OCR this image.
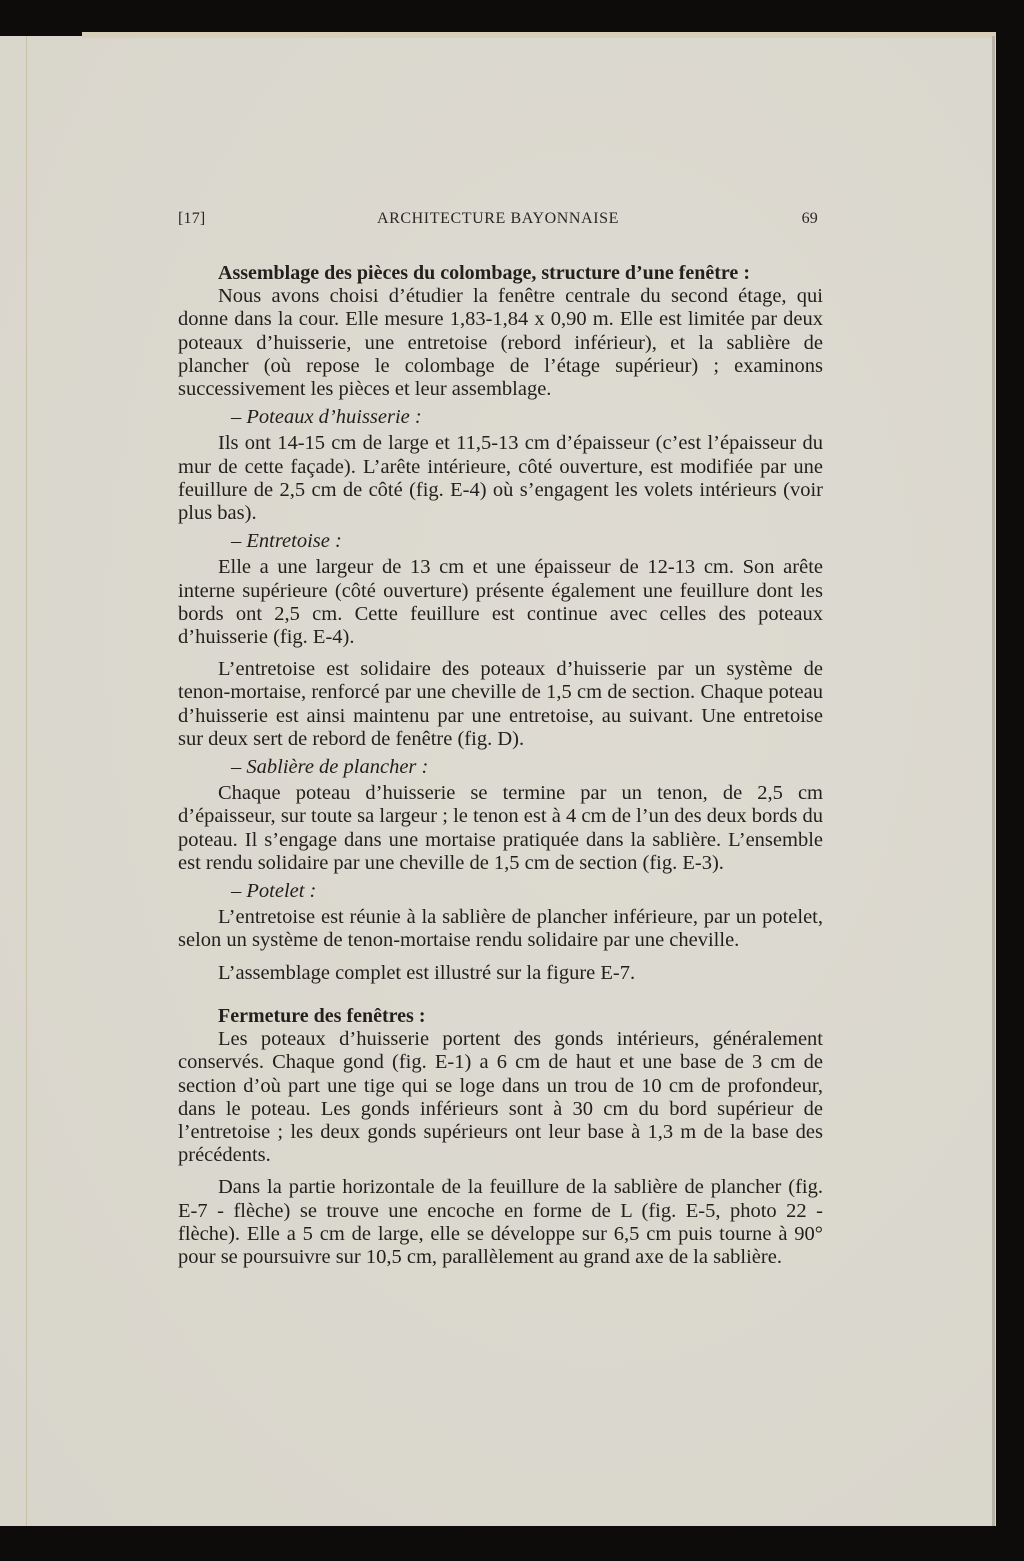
[17]	ARCHITECTURE BAYONNAISE	69

Assemblage des pièces du colombage, structure d’une fenêtre :

Nous avons choisi d’étudier la fenêtre centrale du second étage, qui donne dans la cour. Elle mesure 1,83-1,84 x 0,90 m. Elle est limitée par deux poteaux d’huisserie, une entretoise (rebord inférieur), et la sablière de plancher (où repose le colombage de l’étage supérieur) ; examinons successivement les pièces et leur assemblage.

– Poteaux d’huisserie :

Ils ont 14-15 cm de large et 11,5-13 cm d’épaisseur (c’est l’épaisseur du mur de cette façade). L’arête intérieure, côté ouverture, est modifiée par une feuillure de 2,5 cm de côté (fig. E-4) où s’engagent les volets intérieurs (voir plus bas).

– Entretoise :

Elle a une largeur de 13 cm et une épaisseur de 12-13 cm. Son arête interne supérieure (côté ouverture) présente également une feuillure dont les bords ont 2,5 cm. Cette feuillure est continue avec celles des poteaux d’huisserie (fig. E-4).

L’entretoise est solidaire des poteaux d’huisserie par un système de tenon-mortaise, renforcé par une cheville de 1,5 cm de section. Chaque poteau d’huisserie est ainsi maintenu par une entretoise, au suivant. Une entretoise sur deux sert de rebord de fenêtre (fig. D).

– Sablière de plancher :

Chaque poteau d’huisserie se termine par un tenon, de 2,5 cm d’épaisseur, sur toute sa largeur ; le tenon est à 4 cm de l’un des deux bords du poteau. Il s’engage dans une mortaise pratiquée dans la sablière. L’ensemble est rendu solidaire par une cheville de 1,5 cm de section (fig. E-3).

– Potelet :

L’entretoise est réunie à la sablière de plancher inférieure, par un potelet, selon un système de tenon-mortaise rendu solidaire par une cheville.

L’assemblage complet est illustré sur la figure E-7.

Fermeture des fenêtres :

Les poteaux d’huisserie portent des gonds intérieurs, généralement conservés. Chaque gond (fig. E-1) a 6 cm de haut et une base de 3 cm de section d’où part une tige qui se loge dans un trou de 10 cm de profondeur, dans le poteau. Les gonds inférieurs sont à 30 cm du bord supérieur de l’entretoise ; les deux gonds supérieurs ont leur base à 1,3 m de la base des précédents.

Dans la partie horizontale de la feuillure de la sablière de plancher (fig. E-7 - flèche) se trouve une encoche en forme de L (fig. E-5, photo 22 - flèche). Elle a 5 cm de large, elle se développe sur 6,5 cm puis tourne à 90° pour se poursuivre sur 10,5 cm, parallèlement au grand axe de la sablière.
